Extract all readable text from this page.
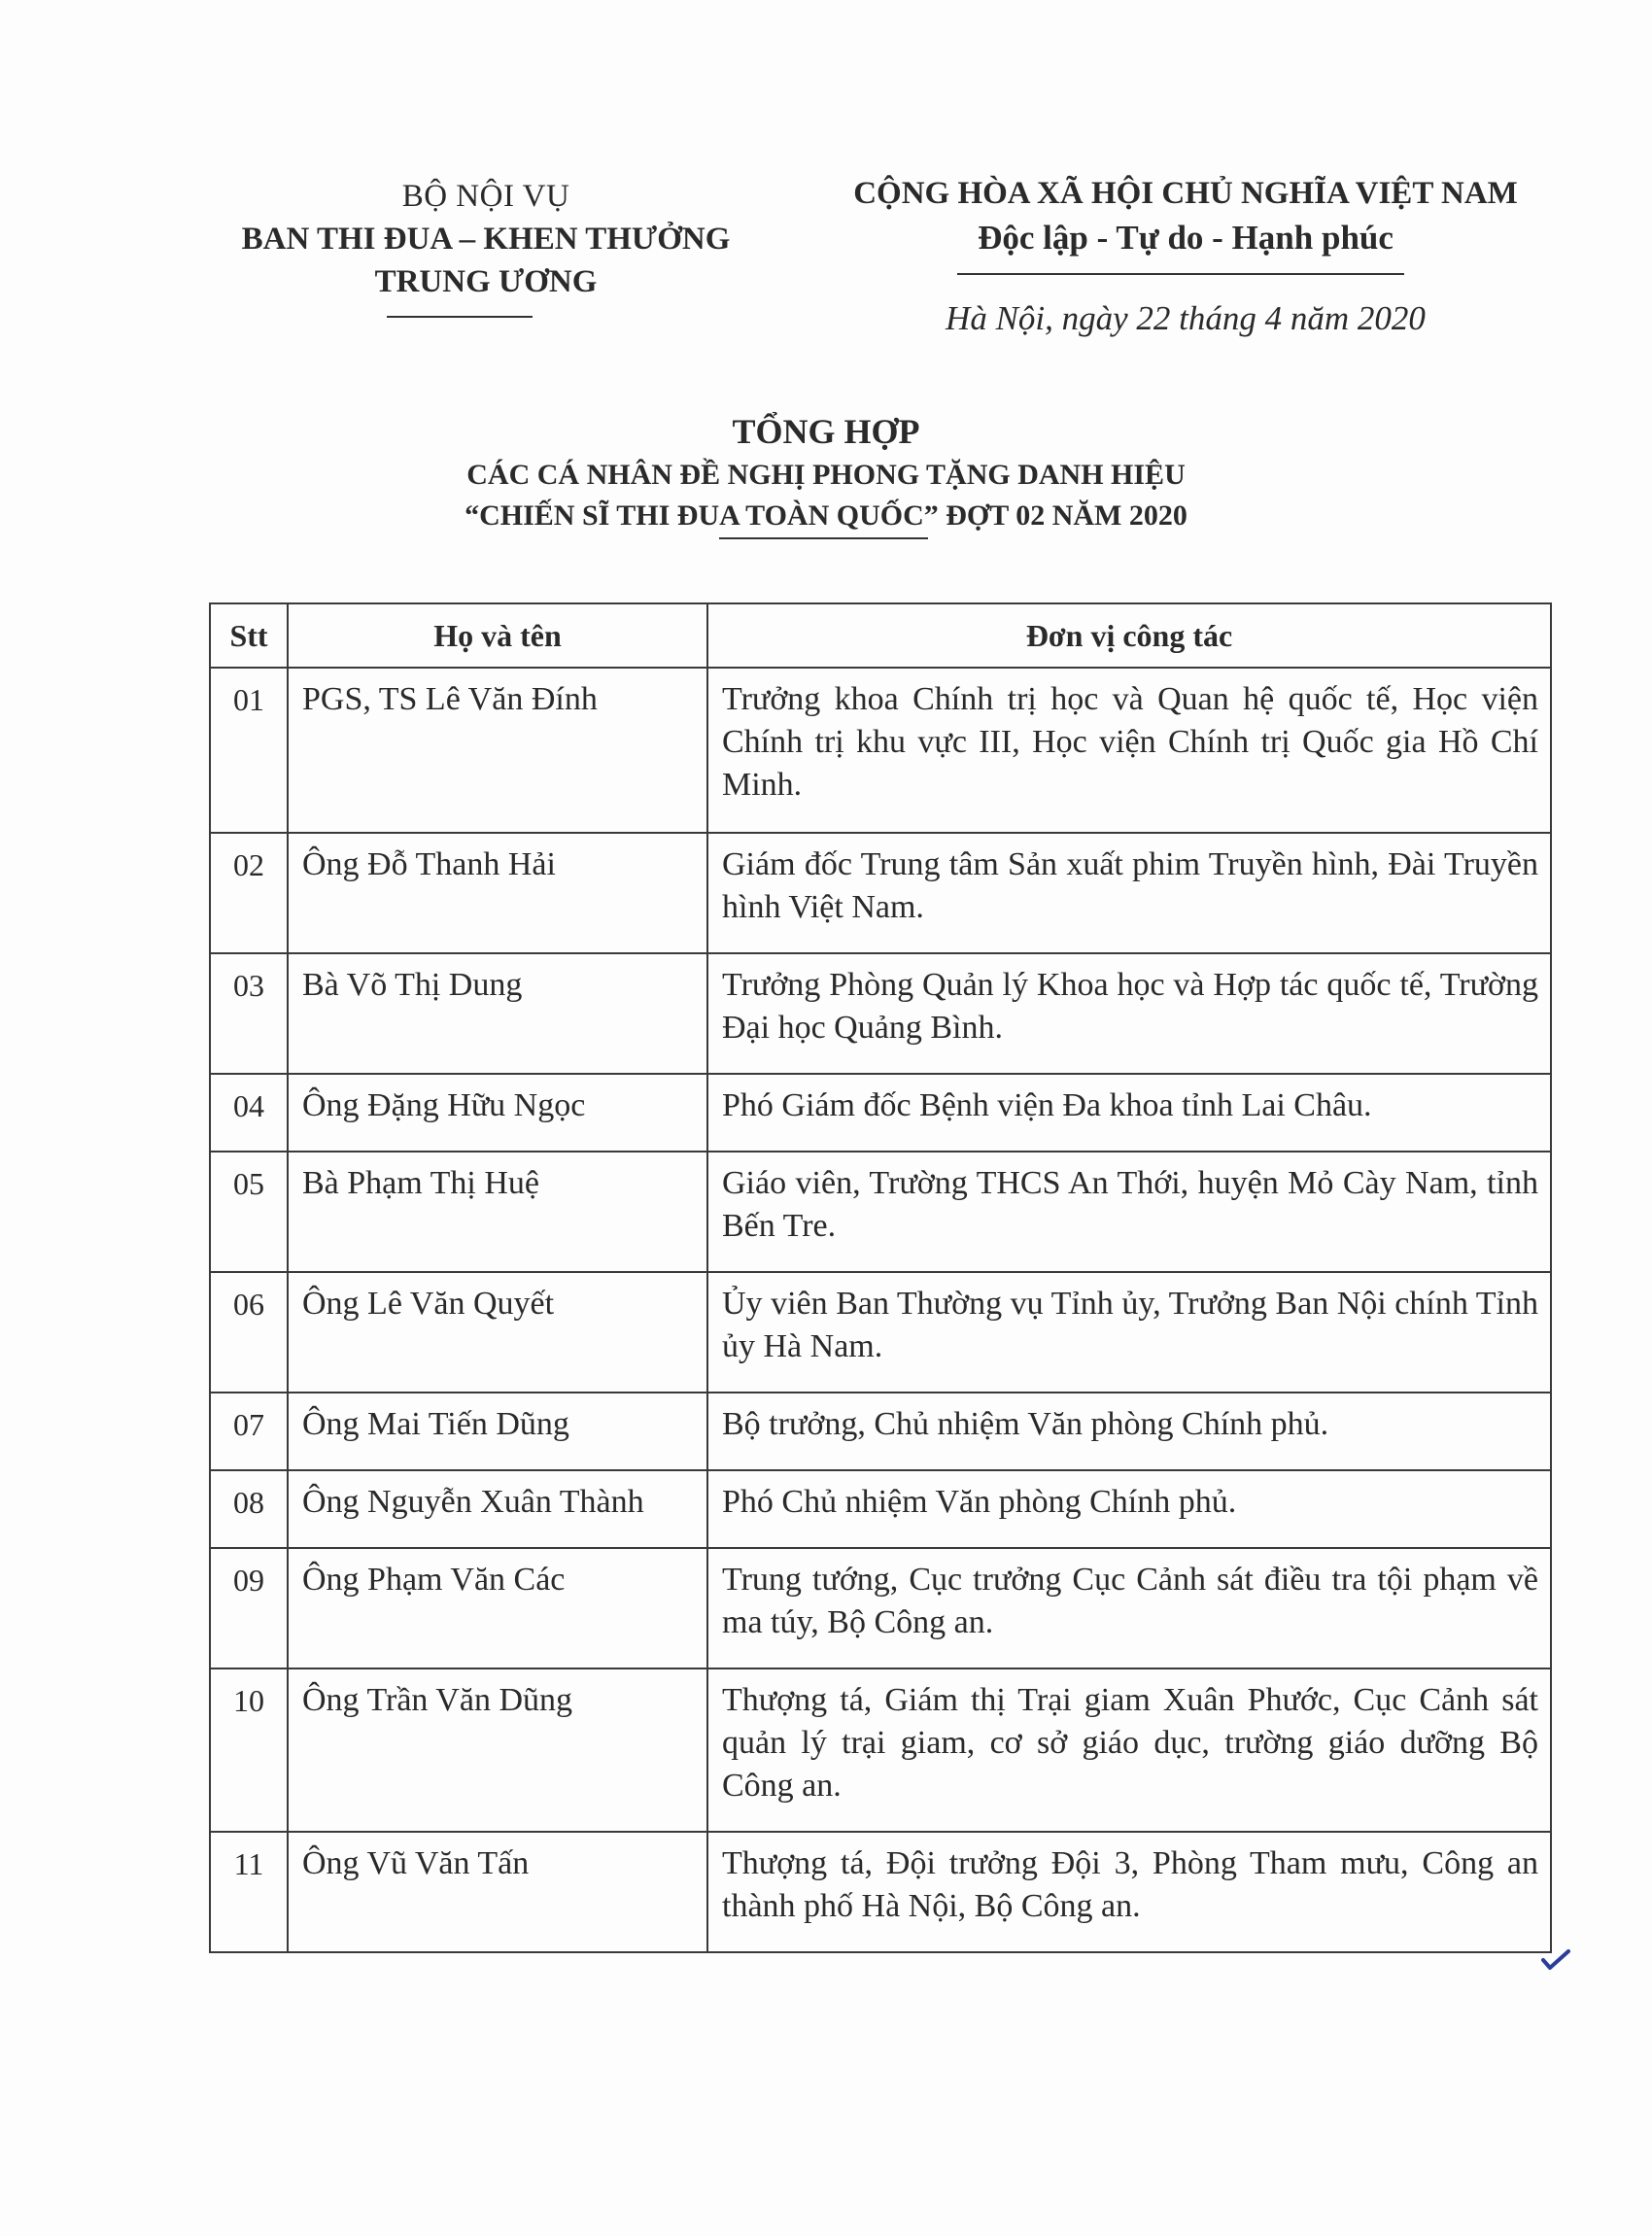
BỘ NỘI VỤ
BAN THI ĐUA – KHEN THƯỞNG
TRUNG ƯƠNG
CỘNG HÒA XÃ HỘI CHỦ NGHĨA VIỆT NAM
Độc lập - Tự do - Hạnh phúc
Hà Nội, ngày 22 tháng 4 năm 2020
TỔNG HỢP
CÁC CÁ NHÂN ĐỀ NGHỊ PHONG TẶNG DANH HIỆU
“CHIẾN SĨ THI ĐUA TOÀN QUỐC” ĐỢT 02 NĂM 2020
Stt	Họ và tên	Đơn vị công tác
01	PGS, TS Lê Văn Đính	Trưởng khoa Chính trị học và Quan hệ quốc tế, Học viện Chính trị khu vực III, Học viện Chính trị Quốc gia Hồ Chí Minh.
02	Ông Đỗ Thanh Hải	Giám đốc Trung tâm Sản xuất phim Truyền hình, Đài Truyền hình Việt Nam.
03	Bà Võ Thị Dung	Trưởng Phòng Quản lý Khoa học và Hợp tác quốc tế, Trường Đại học Quảng Bình.
04	Ông Đặng Hữu Ngọc	Phó Giám đốc Bệnh viện Đa khoa tỉnh Lai Châu.
05	Bà Phạm Thị Huệ	Giáo viên, Trường THCS An Thới, huyện Mỏ Cày Nam, tỉnh Bến Tre.
06	Ông Lê Văn Quyết	Ủy viên Ban Thường vụ Tỉnh ủy, Trưởng Ban Nội chính Tỉnh ủy Hà Nam.
07	Ông Mai Tiến Dũng	Bộ trưởng, Chủ nhiệm Văn phòng Chính phủ.
08	Ông Nguyễn Xuân Thành	Phó Chủ nhiệm Văn phòng Chính phủ.
09	Ông Phạm Văn Các	Trung tướng, Cục trưởng Cục Cảnh sát điều tra tội phạm về ma túy, Bộ Công an.
10	Ông Trần Văn Dũng	Thượng tá, Giám thị Trại giam Xuân Phước, Cục Cảnh sát quản lý trại giam, cơ sở giáo dục, trường giáo dưỡng Bộ Công an.
11	Ông Vũ Văn Tấn	Thượng tá, Đội trưởng Đội 3, Phòng Tham mưu, Công an thành phố Hà Nội, Bộ Công an.
